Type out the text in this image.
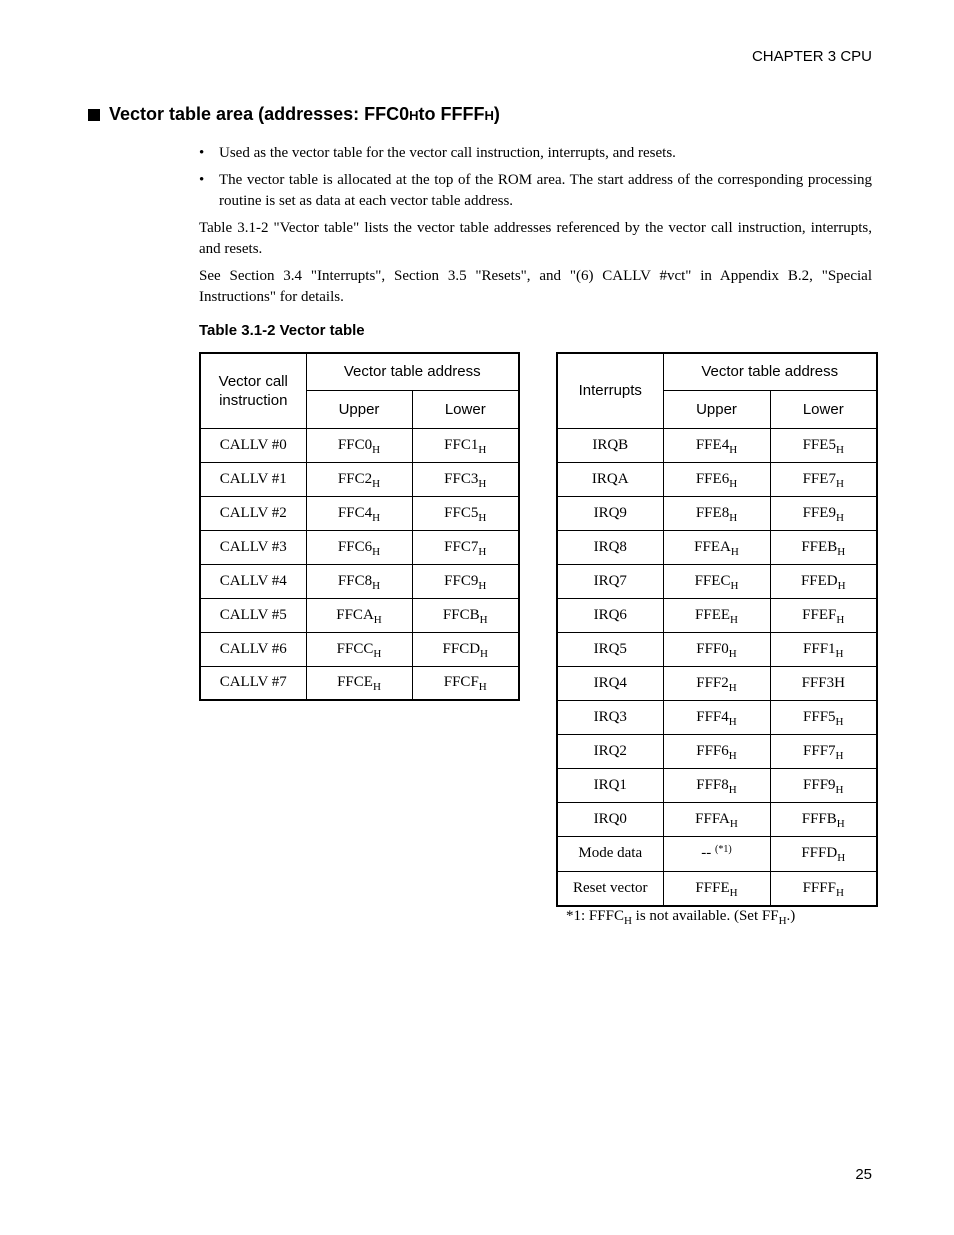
CHAPTER 3 CPU
Vector table area (addresses: FFC0 H to FFFF H )
• Used as the vector table for the vector call instruction, interrupts, and resets.
• The vector table is allocated at the top of the ROM area. The start address of the corresponding processing routine is set as data at each vector table address.
Table 3.1-2 "Vector table" lists the vector table addresses referenced by the vector call instruction, interrupts, and resets.
See Section 3.4 "Interrupts", Section 3.5 "Resets", and "(6) CALLV #vct" in Appendix B.2, "Special Instructions" for details.
Table 3.1-2 Vector table
Vector call instruction	Vector table address	
	Upper	Lower
CALLV #0	$FFC0_H$	$FFC1_H$
CALLV #1	$FFC2_H$	$FFC3_H$
CALLV #2	$FFC4_H$	$FFC5_H$
CALLV #3	$FFC6_H$	$FFC7_H$
CALLV #4	$FFC8_H$	$FFC9_H$
CALLV #5	$FFCA_H$	$FFCB_H$
CALLV #6	$FFCC_H$	$FFCD_H$
CALLV #7	$FFCE_H$	$FFCF_H$
Interrupts	Vector table address	
	Upper	Lower
IRQB	$FFE4_H$	$FFE5_H$
IRQA	$FFE6_H$	$FFE7_H$
IRQ9	$FFE8_H$	$FFE9_H$
IRQ8	$FFEA_H$	$FFEB_H$
IRQ7	$FFEC_H$	$FFED_H$
IRQ6	$FFEE_H$	$FFEF_H$
IRQ5	$FFF0_H$	$FFF1_H$
IRQ4	$FFF2_H$	FFF3H
IRQ3	$FFF4_H$	$FFF5_H$
IRQ2	$FFF6_H$	$FFF7_H$
IRQ1	$FFF8_H$	$FFF9_H$
IRQ0	$FFFA_H$	$FFFB_H$
Mode data	-- $^{(*1)}$	$FFFD_H$
Reset vector	$FFFE_H$	$FFFF_H$
*1: $FFFC_H$ is not available. (Set $FF_H$.)
25
